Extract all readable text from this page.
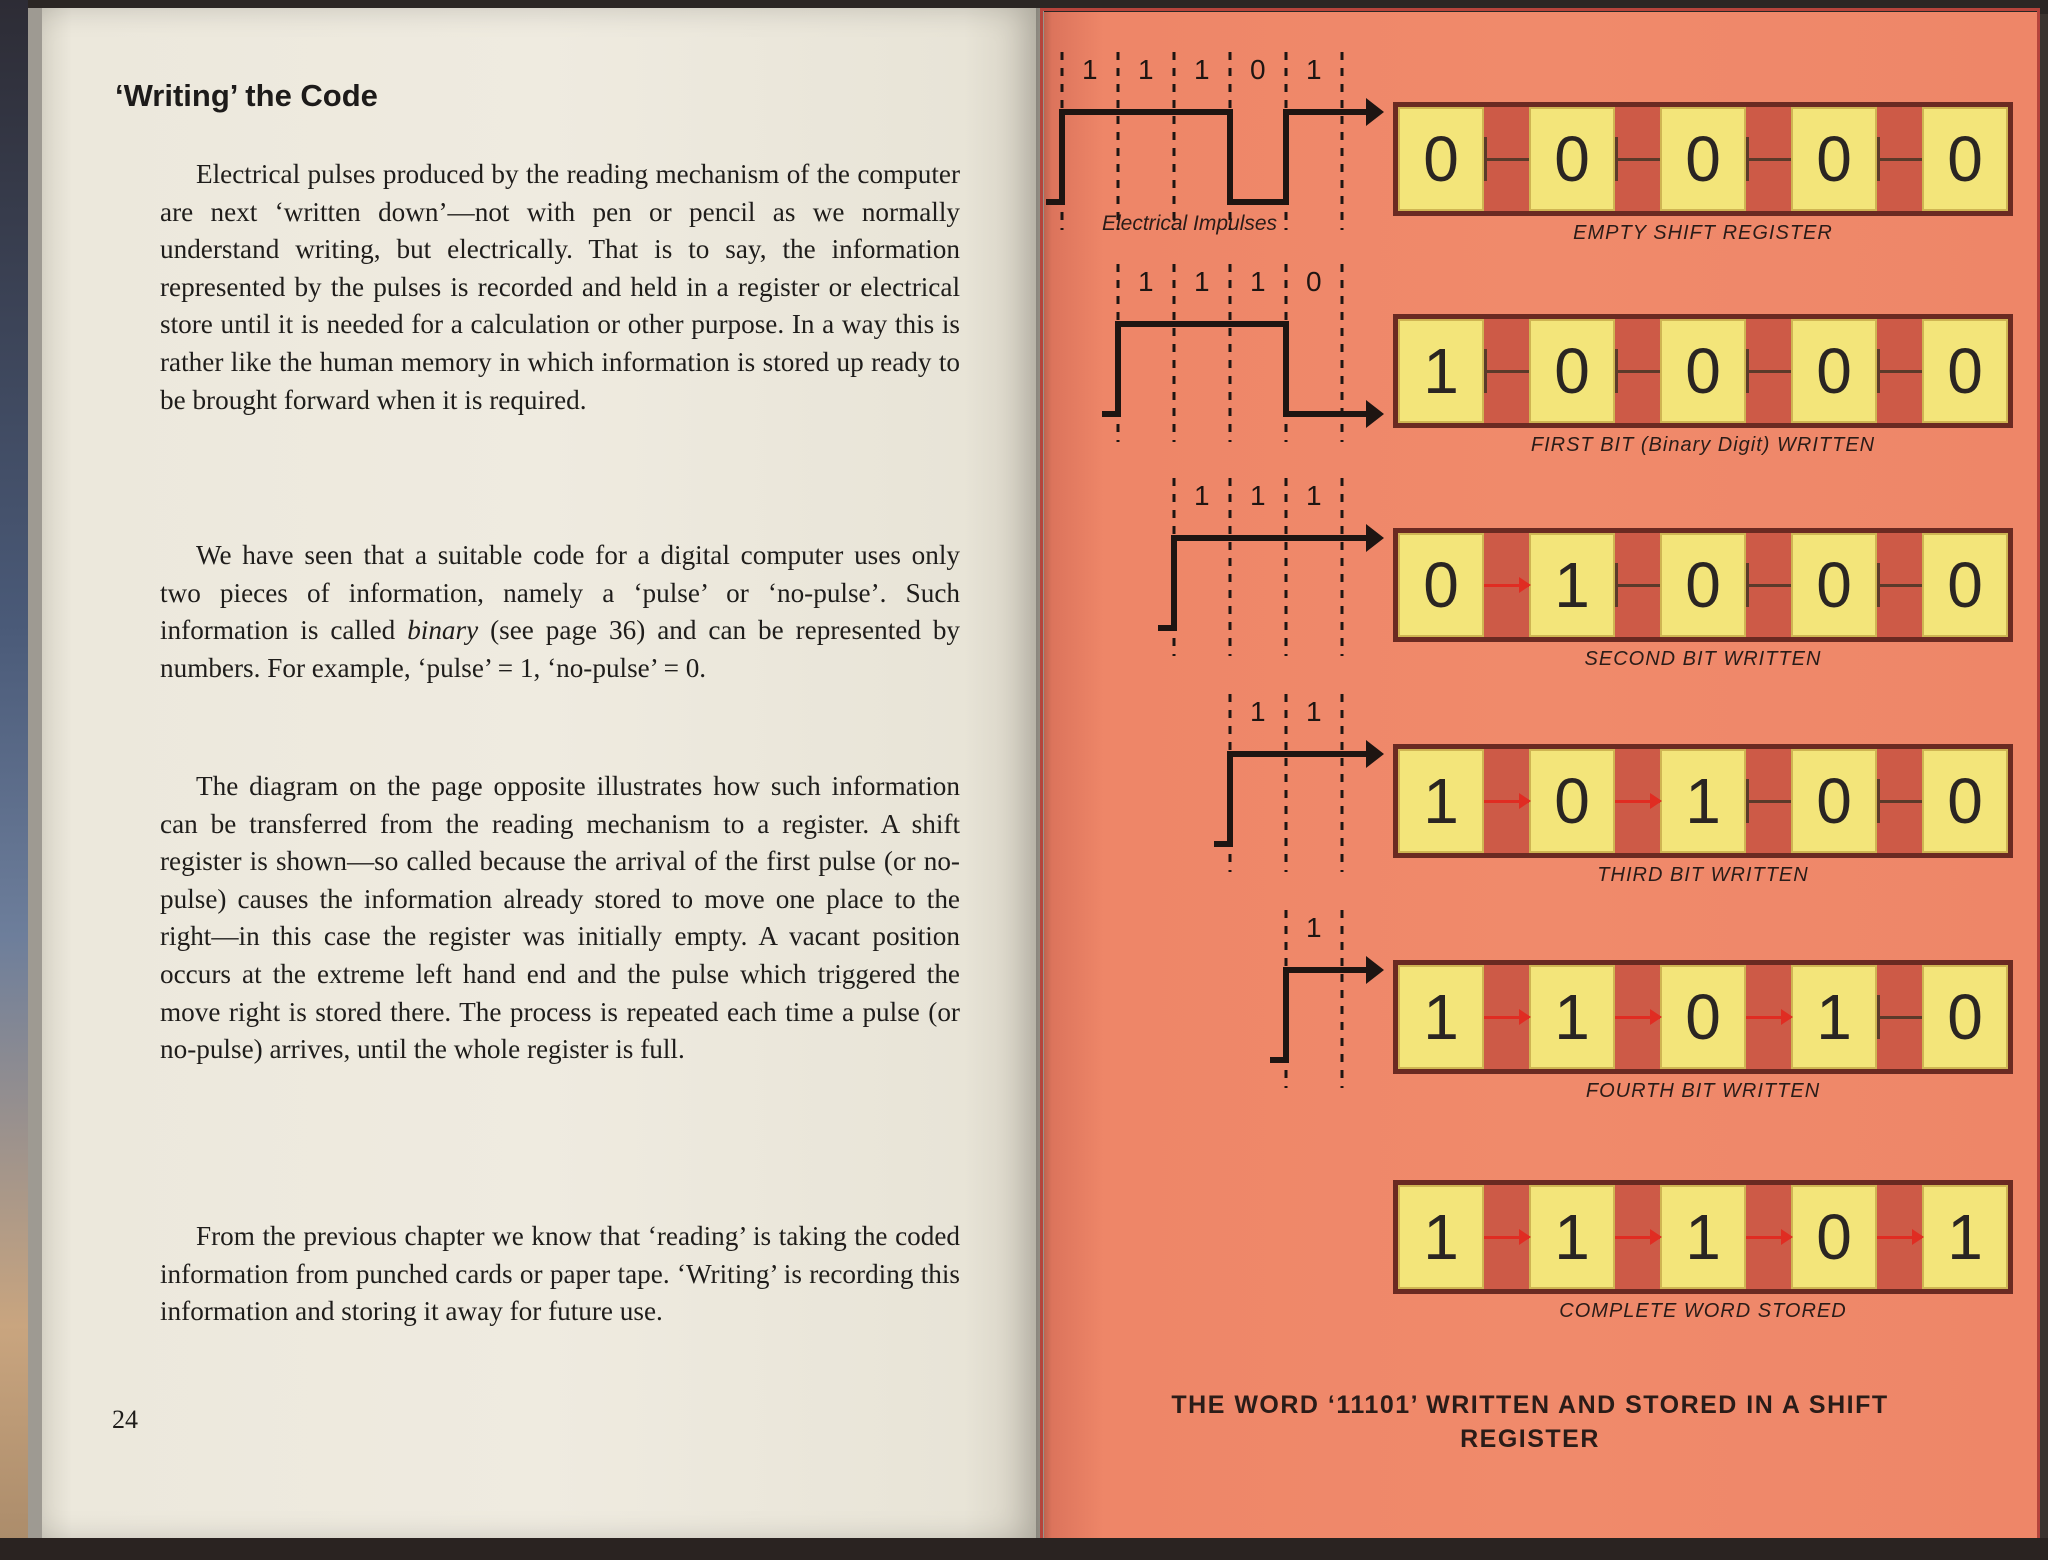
‘Writing’ the Code

Electrical pulses produced by the reading mechanism of the computer are next ‘written down’—not with pen or pencil as we normally understand writing, but electrically. That is to say, the information represented by the pulses is recorded and held in a register or electrical store until it is needed for a calculation or other purpose. In a way this is rather like the human memory in which information is stored up ready to be brought forward when it is required.

We have seen that a suitable code for a digital computer uses only two pieces of information, namely a ‘pulse’ or ‘no-pulse’. Such information is called binary (see page 36) and can be represented by numbers. For example, ‘pulse’ = 1, ‘no-pulse’ = 0.

The diagram on the page opposite illustrates how such information can be transferred from the reading mechanism to a register. A shift register is shown—so called because the arrival of the first pulse (or no-pulse) causes the information already stored to move one place to the right—in this case the register was initially empty. A vacant position occurs at the extreme left hand end and the pulse which triggered the move right is stored there. The process is repeated each time a pulse (or no-pulse) arrives, until the whole register is full.

From the previous chapter we know that ‘reading’ is taking the coded information from punched cards or paper tape. ‘Writing’ is recording this information and storing it away for future use.

24

Electrical Impulses

1 1 1 0 1
1 1 1 0
1 1 1
1 1
1
0	0	0	0	0

EMPTY SHIFT REGISTER

1	0	0	0	0

FIRST BIT (Binary Digit) WRITTEN

0	1	0	0	0

SECOND BIT WRITTEN

1	0	1	0	0

THIRD BIT WRITTEN

1	1	0	1	0

FOURTH BIT WRITTEN

1	1	1	0	1

COMPLETE WORD STORED

THE WORD ‘11101’ WRITTEN AND STORED IN A SHIFT REGISTER
